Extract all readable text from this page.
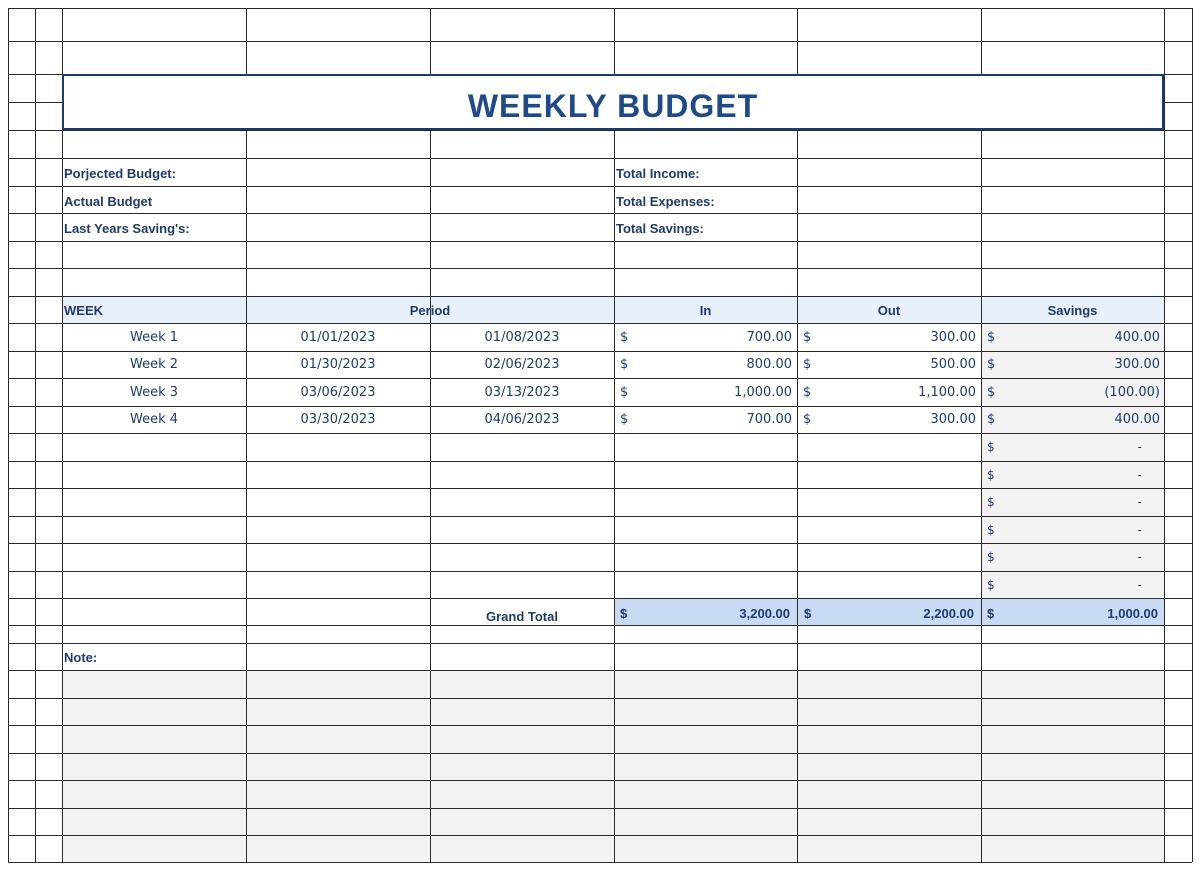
WEEKLY BUDGET
Porjected Budget:
Actual Budget
Last Years Saving's:
Total Income:
Total Expenses:
Total Savings:
WEEK	Period	In	Out	Savings
Week 1	01/01/2023	01/08/2023	$	700.00 $	300.00 $	400.00
Week 2	01/30/2023	02/06/2023	$	800.00 $	500.00 $	300.00
Week 3	03/06/2023	03/13/2023	$	1,000.00 $	1,100.00 $	(100.00)
Week 4	03/30/2023	04/06/2023	$	700.00 $	300.00 $	400.00
$	-
$	-
$	-
$	-
$	-
$	-
Grand Total	$	3,200.00 $	2,200.00 $	1,000.00
Note:
